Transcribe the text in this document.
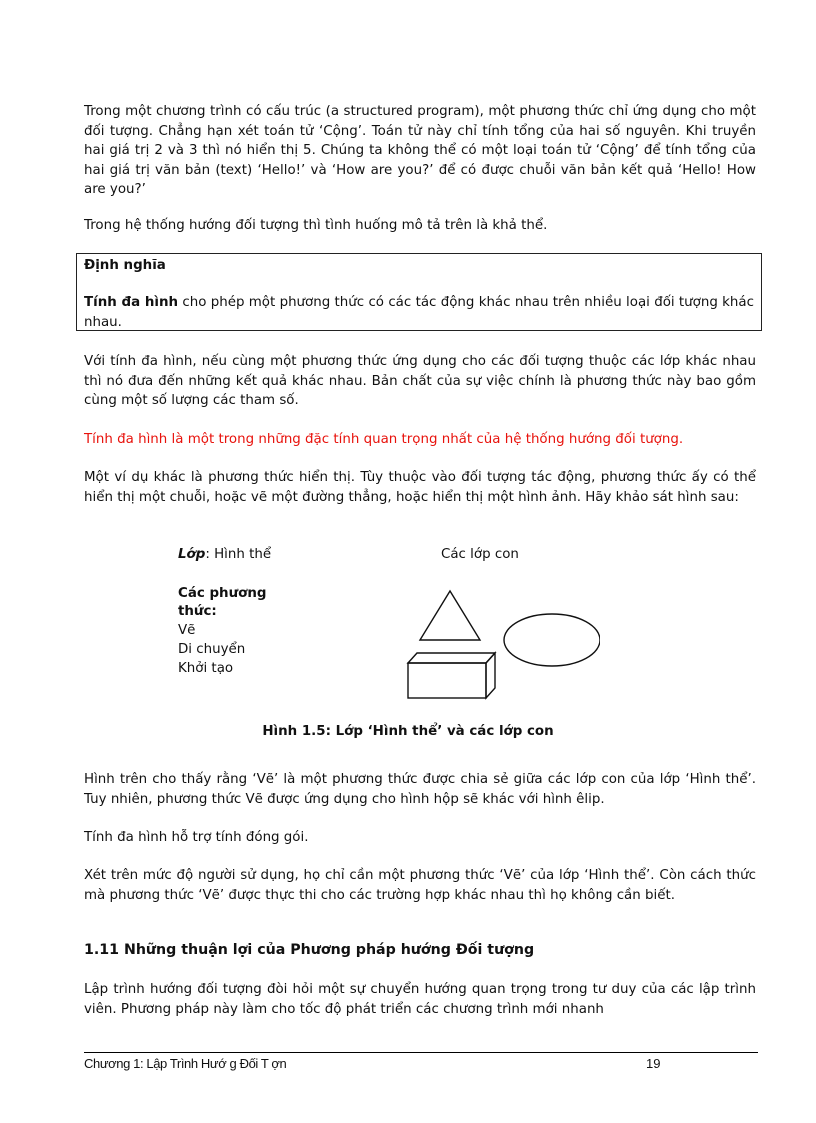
Trong một chương trình có cấu trúc (a structured program), một phương thức chỉ ứng dụng cho một đối tượng. Chẳng hạn xét toán tử ‘Cộng’. Toán tử này chỉ tính tổng của hai số nguyên. Khi truyền hai giá trị 2 và 3 thì nó hiển thị 5. Chúng ta không thể có một loại toán tử ‘Cộng’ để tính tổng của hai giá trị văn bản (text) ‘Hello!’ và ‘How are you?’ để có được chuỗi văn bản kết quả ‘Hello! How are you?’

Trong hệ thống hướng đối tượng thì tình huống mô tả trên là khả thể.

Định nghĩa

Tính đa hình cho phép một phương thức có các tác động khác nhau trên nhiều loại đối tượng khác nhau.

Với tính đa hình, nếu cùng một phương thức ứng dụng cho các đối tượng thuộc các lớp khác nhau thì nó đưa đến những kết quả khác nhau. Bản chất của sự việc chính là phương thức này bao gồm cùng một số lượng các tham số.

Tính đa hình là một trong những đặc tính quan trọng nhất của hệ thống hướng đối tượng.

Một ví dụ khác là phương thức hiển thị. Tùy thuộc vào đối tượng tác động, phương thức ấy có thể hiển thị một chuỗi, hoặc vẽ một đường thẳng, hoặc hiển thị một hình ảnh. Hãy khảo sát hình sau:

Lớp: Hình thể	Các lớp con
Các phương
thức:
Vẽ
Di chuyển
Khởi tạo
Hình 1.5: Lớp ‘Hình thể’ và các lớp con

Hình trên cho thấy rằng ‘Vẽ’ là một phương thức được chia sẻ giữa các lớp con của lớp ‘Hình thể’. Tuy nhiên, phương thức Vẽ được ứng dụng cho hình hộp sẽ khác với hình êlip.

Tính đa hình hỗ trợ tính đóng gói.

Xét trên mức độ người sử dụng, họ chỉ cần một phương thức ‘Vẽ’ của lớp ‘Hình thể’. Còn cách thức mà phương thức ‘Vẽ’ được thực thi cho các trường hợp khác nhau thì họ không cần biết.

1.11 Những thuận lợi của Phương pháp hướng Đối tượng

Lập trình hướng đối tượng đòi hỏi một sự chuyển hướng quan trọng trong tư duy của các lập trình viên. Phương pháp này làm cho tốc độ phát triển các chương trình mới nhanh

Chương 1: Lập Trình Hướ g Đối T ợn	19
